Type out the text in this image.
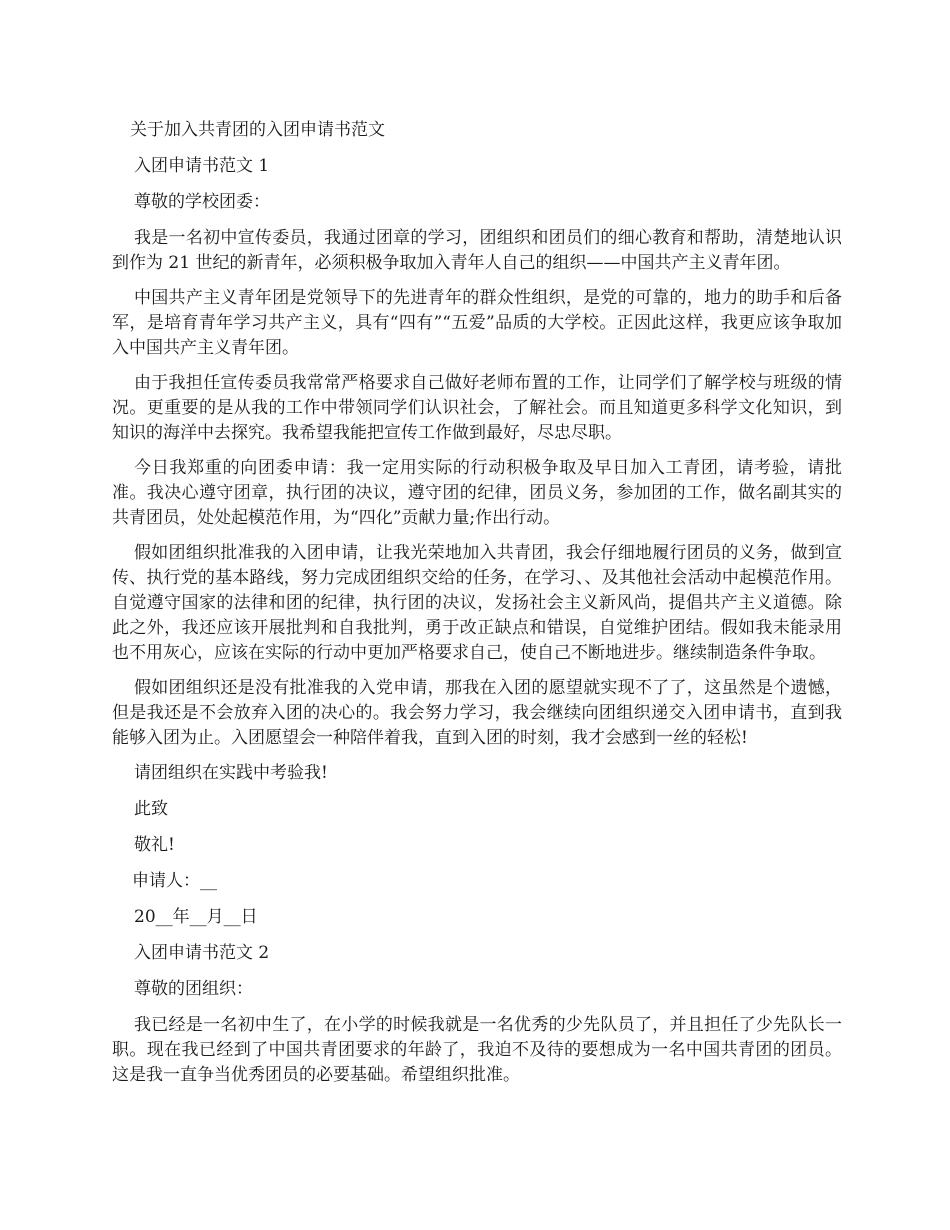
关于加入共青团的入团申请书范文

入团申请书范文 1

尊敬的学校团委：

我是一名初中宣传委员，我通过团章的学习，团组织和团员们的细心教育和帮助，清楚地认识到作为 21 世纪的新青年，必须积极争取加入青年人自己的组织——中国共产主义青年团。

中国共产主义青年团是党领导下的先进青年的群众性组织，是党的可靠的，地力的助手和后备军，是培育青年学习共产主义，具有“四有”“五爱”品质的大学校。正因此这样，我更应该争取加入中国共产主义青年团。

由于我担任宣传委员我常常严格要求自己做好老师布置的工作，让同学们了解学校与班级的情况。更重要的是从我的工作中带领同学们认识社会，了解社会。而且知道更多科学文化知识，到知识的海洋中去探究。我希望我能把宣传工作做到最好，尽忠尽职。

今日我郑重的向团委申请：我一定用实际的行动积极争取及早日加入工青团，请考验，请批准。我决心遵守团章，执行团的决议，遵守团的纪律，团员义务，参加团的工作，做名副其实的共青团员，处处起模范作用，为“四化”贡献力量;作出行动。

假如团组织批准我的入团申请，让我光荣地加入共青团，我会仔细地履行团员的义务，做到宣传、执行党的基本路线，努力完成团组织交给的任务，在学习、、及其他社会活动中起模范作用。自觉遵守国家的法律和团的纪律，执行团的决议，发扬社会主义新风尚，提倡共产主义道德。除此之外，我还应该开展批判和自我批判，勇于改正缺点和错误，自觉维护团结。假如我未能录用也不用灰心，应该在实际的行动中更加严格要求自己，使自己不断地进步。继续制造条件争取。

假如团组织还是没有批准我的入党申请，那我在入团的愿望就实现不了了，这虽然是个遗憾，但是我还是不会放弃入团的决心的。我会努力学习，我会继续向团组织递交入团申请书，直到我能够入团为止。入团愿望会一种陪伴着我，直到入团的时刻，我才会感到一丝的轻松!

请团组织在实践中考验我!

此致

敬礼!

申请人：__

20__年__月__日

入团申请书范文 2

尊敬的团组织：

我已经是一名初中生了，在小学的时候我就是一名优秀的少先队员了，并且担任了少先队长一职。现在我已经到了中国共青团要求的年龄了，我迫不及待的要想成为一名中国共青团的团员。这是我一直争当优秀团员的必要基础。希望组织批准。
